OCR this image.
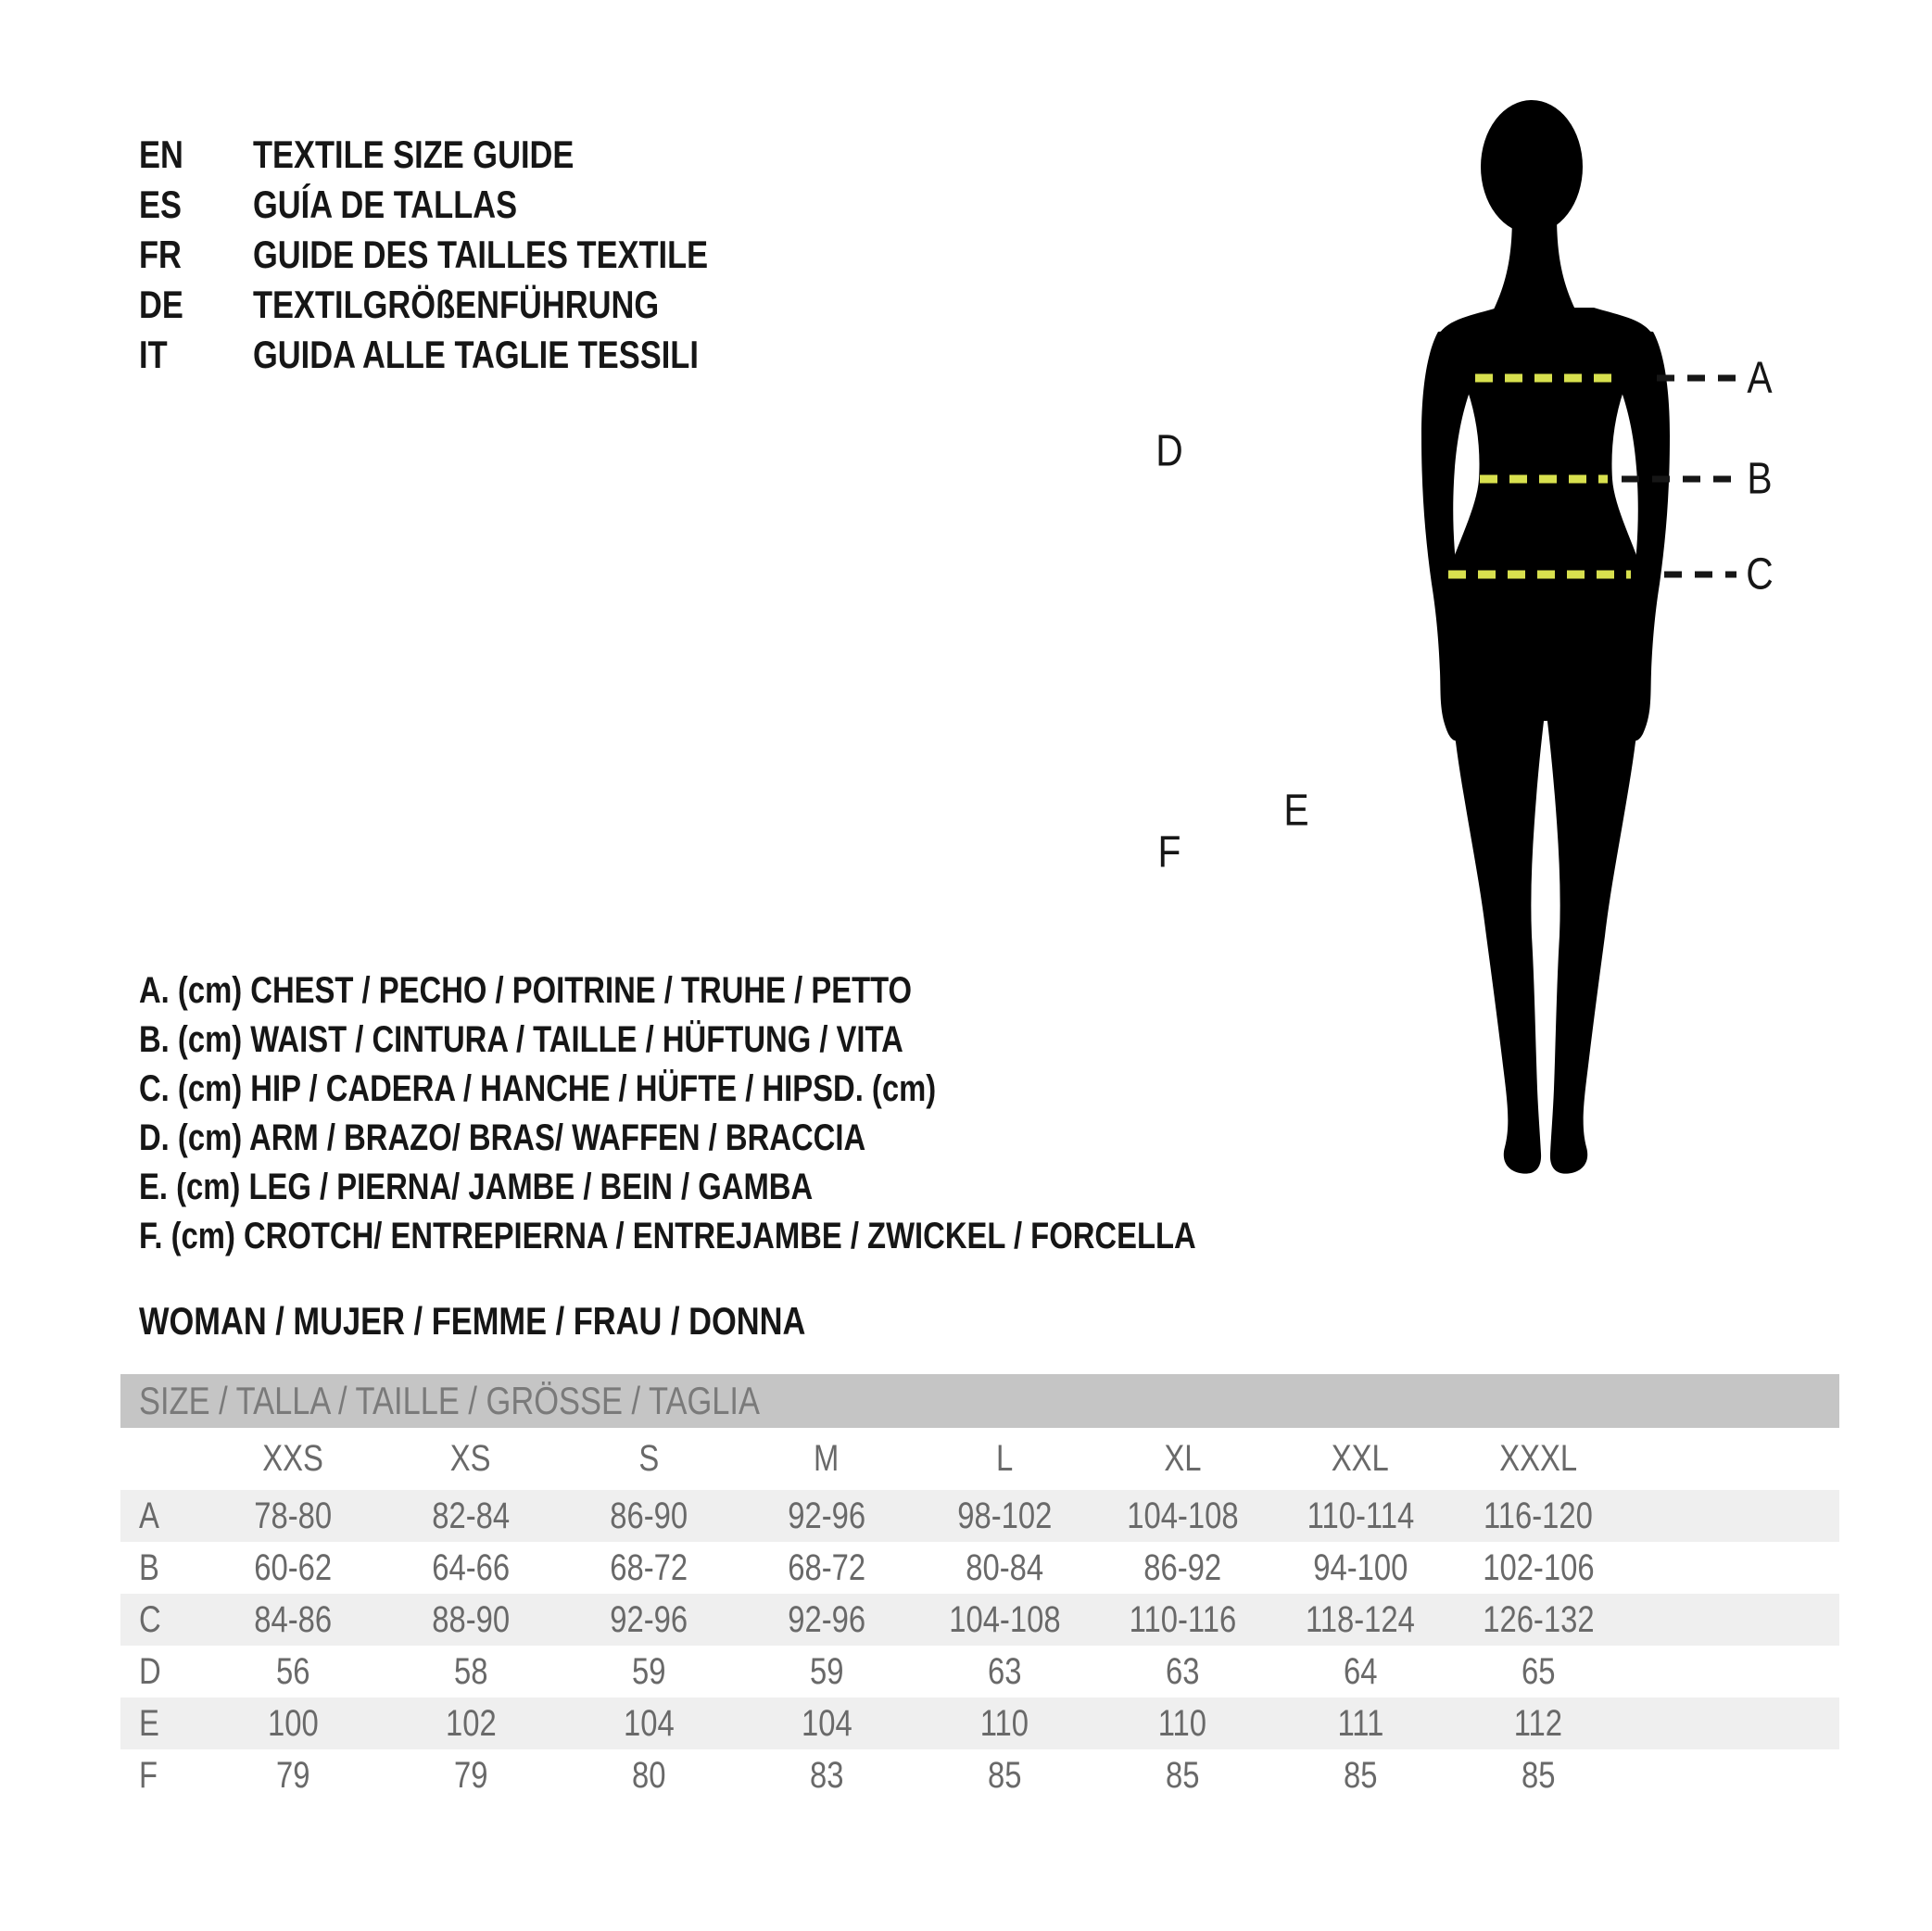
EN	TEXTILE SIZE GUIDE
ES	GUÍA DE TALLAS
FR	GUIDE DES TAILLES TEXTILE
DE	TEXTILGRÖßENFÜHRUNG
IT	GUIDA ALLE TAGLIE TESSILI	A
B
C
D
E
F
A. (cm) CHEST / PECHO / POITRINE / TRUHE / PETTO
B. (cm) WAIST / CINTURA / TAILLE / HÜFTUNG / VITA
C. (cm) HIP / CADERA / HANCHE / HÜFTE / HIPSD. (cm)
D. (cm) ARM / BRAZO/ BRAS/ WAFFEN / BRACCIA
E. (cm) LEG / PIERNA/ JAMBE / BEIN / GAMBA
F. (cm) CROTCH/ ENTREPIERNA / ENTREJAMBE / ZWICKEL / FORCELLA
WOMAN / MUJER / FEMME / FRAU / DONNA
SIZE / TALLA / TAILLE / GRÖSSE / TAGLIA
XXS	XS	S	M	L	XL	XXL	XXXL
A	78-80	82-84	86-90	92-96 98-102 104-108 110-114 116-120
B	60-62	64-66	68-72	68-72	80-84	86-92 94-100 102-106
C	84-86	88-90	92-96	92-96 104-108 110-116 118-124 126-132
D	56	58	59	59	63	63	64	65
E	100	102	104	104	110	110	111	112
F	79	79	80	83	85	85	85	85
